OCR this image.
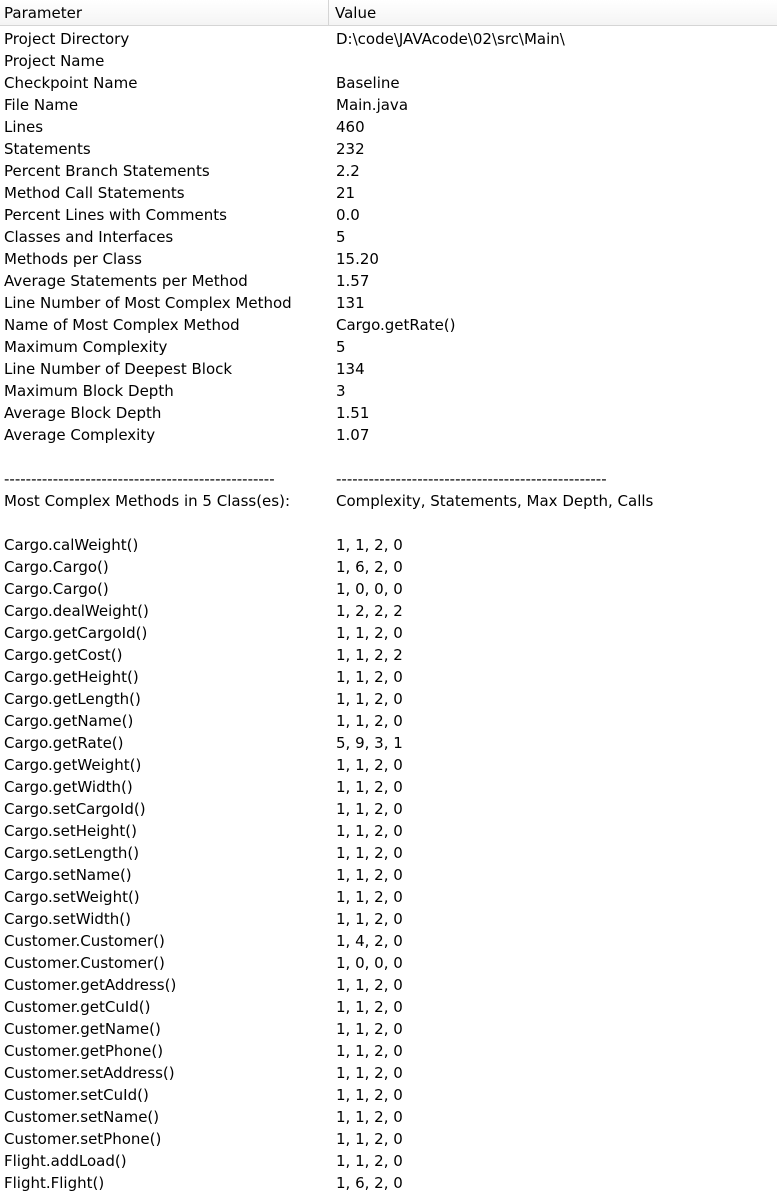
Parameter	Value
Project Directory	D:\code\JAVAcode\02\src\Main\
Project Name
Checkpoint Name	Baseline
File Name	Main.java
Lines	460
Statements	232
Percent Branch Statements	2.2
Method Call Statements	21
Percent Lines with Comments	0.0
Classes and Interfaces	5
Methods per Class	15.20
Average Statements per Method	1.57
Line Number of Most Complex Method	131
Name of Most Complex Method	Cargo.getRate()
Maximum Complexity	5
Line Number of Deepest Block	134
Maximum Block Depth	3
Average Block Depth	1.51
Average Complexity	1.07
--------------------------------------------------	--------------------------------------------------
Most Complex Methods in 5 Class(es):	Complexity, Statements, Max Depth, Calls
Cargo.calWeight()	1, 1, 2, 0
Cargo.Cargo()	1, 6, 2, 0
Cargo.Cargo()	1, 0, 0, 0
Cargo.dealWeight()	1, 2, 2, 2
Cargo.getCargoId()	1, 1, 2, 0
Cargo.getCost()	1, 1, 2, 2
Cargo.getHeight()	1, 1, 2, 0
Cargo.getLength()	1, 1, 2, 0
Cargo.getName()	1, 1, 2, 0
Cargo.getRate()	5, 9, 3, 1
Cargo.getWeight()	1, 1, 2, 0
Cargo.getWidth()	1, 1, 2, 0
Cargo.setCargoId()	1, 1, 2, 0
Cargo.setHeight()	1, 1, 2, 0
Cargo.setLength()	1, 1, 2, 0
Cargo.setName()	1, 1, 2, 0
Cargo.setWeight()	1, 1, 2, 0
Cargo.setWidth()	1, 1, 2, 0
Customer.Customer()	1, 4, 2, 0
Customer.Customer()	1, 0, 0, 0
Customer.getAddress()	1, 1, 2, 0
Customer.getCuId()	1, 1, 2, 0
Customer.getName()	1, 1, 2, 0
Customer.getPhone()	1, 1, 2, 0
Customer.setAddress()	1, 1, 2, 0
Customer.setCuId()	1, 1, 2, 0
Customer.setName()	1, 1, 2, 0
Customer.setPhone()	1, 1, 2, 0
Flight.addLoad()	1, 1, 2, 0
Flight.Flight()	1, 6, 2, 0
